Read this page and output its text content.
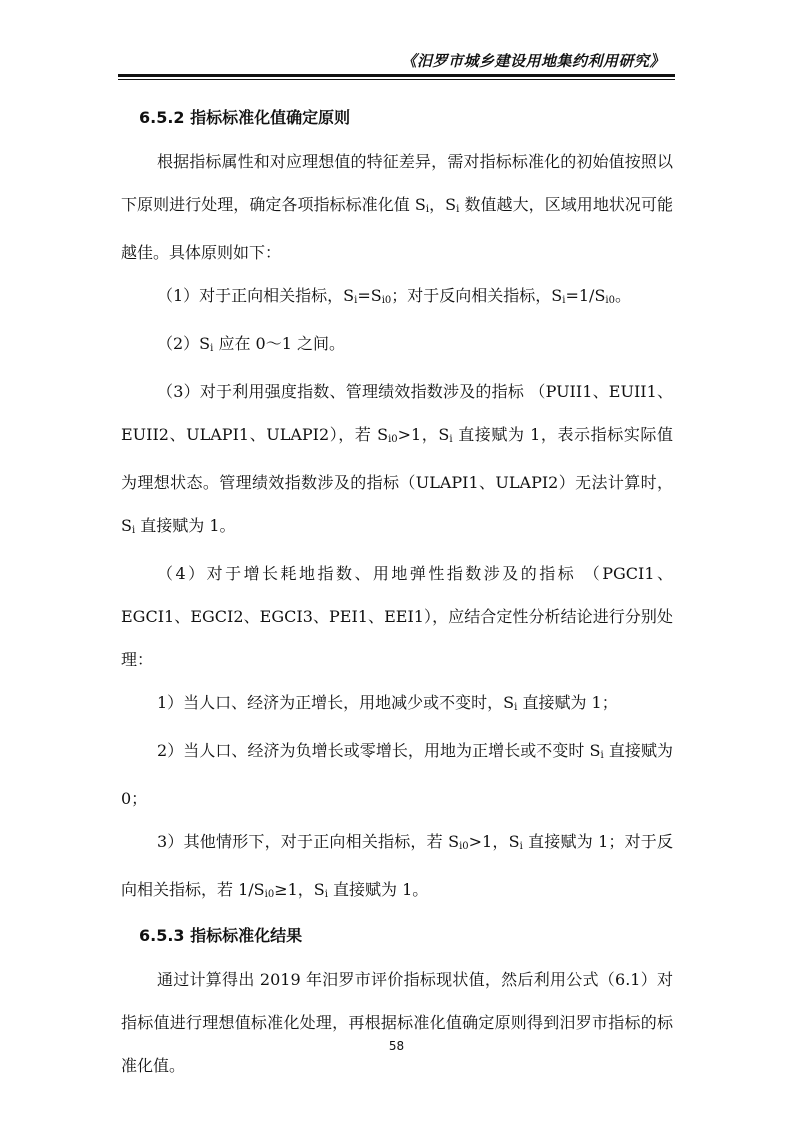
《汨罗市城乡建设用地集约利用研究》
6.5.2 指标标准化值确定原则

根据指标属性和对应理想值的特征差异，需对指标标准化的初始值按照以下原则进行处理，确定各项指标标准化值 $S_i$，$S_i$ 数值越大，区域用地状况可能越佳。具体原则如下：

（1）对于正向相关指标，$S_i=S_{i0}$；对于反向相关指标，$S_i=1/S_{i0}$。

$(2)S_i$ 应在 0～1 之间。

（3）对于利用强度指数、管理绩效指数涉及的指标 （PUII1、EUII1、EUII2、ULAPI1、ULAPI2），若 $S_{i0}>1$，$S_i$ 直接赋为 1，表示指标实际值为理想状态。管理绩效指数涉及的指标（ULAPI1、ULAPI2）无法计算时，$S_i$ 直接赋为 1。

（4）对于增长耗地指数、用地弹性指数涉及的指标 （PGCI1、EGCI1、EGCI2、EGCI3、PEI1、EEI1），应结合定性分析结论进行分别处理：

1）当人口、经济为正增长，用地减少或不变时，$S_i$ 直接赋为 1；

2）当人口、经济为负增长或零增长，用地为正增长或不变时 $S_i$ 直接赋为 0；

3）其他情形下，对于正向相关指标，若 $S_{i0}>1$，$S_i$ 直接赋为 1；对于反向相关指标，若 $1/S_{i0}\ge 1$，$S_i$ 直接赋为 1。

6.5.3 指标标准化结果

通过计算得出 2019 年汨罗市评价指标现状值，然后利用公式（6.1）对指标值进行理想值标准化处理，再根据标准化值确定原则得到汨罗市指标的标准化值。

58
